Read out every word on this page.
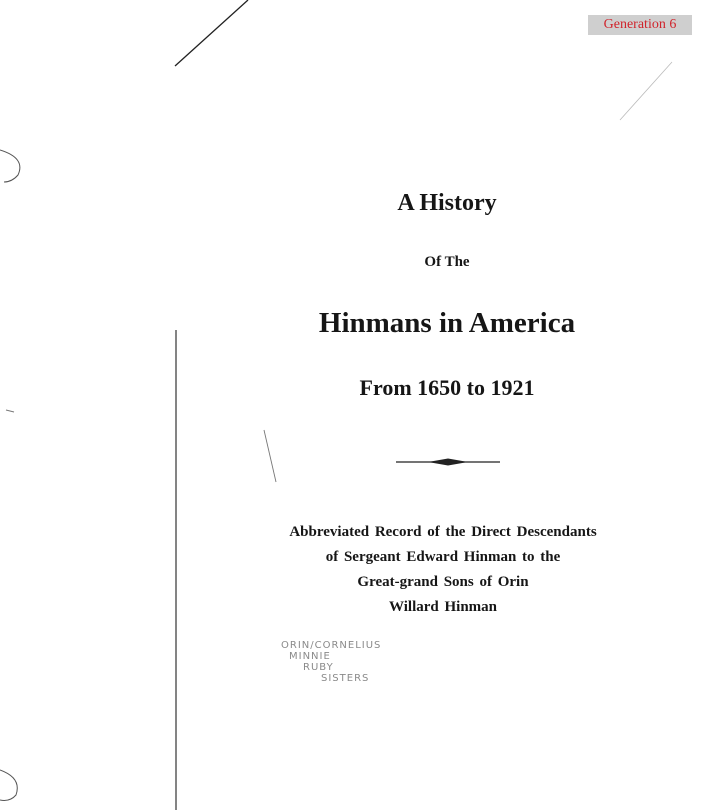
Generation 6
A History
Of The
Hinmans in America
From 1650 to 1921
Abbreviated Record of the Direct Descendants
of Sergeant Edward Hinman to the
Great-grand Sons of Orin
Willard Hinman
ORIN/CORNELIUS
MINNIE
RUBY
SISTERS
